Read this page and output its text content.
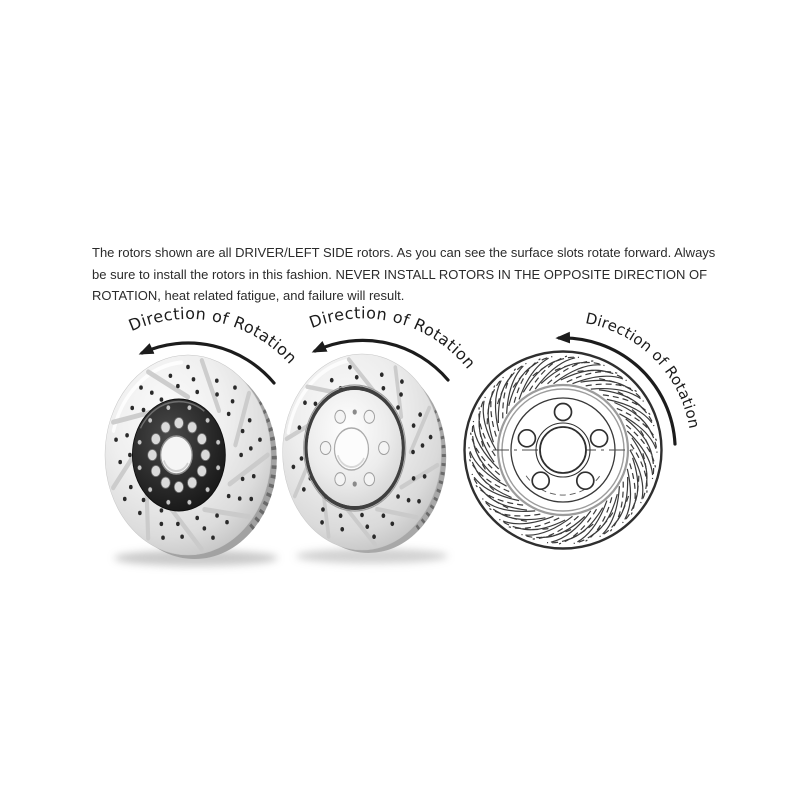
The rotors shown are all DRIVER/LEFT SIDE rotors. As you can see the surface slots rotate forward. Always
be sure to install the rotors in this fashion. NEVER INSTALL ROTORS IN THE OPPOSITE DIRECTION OF
ROTATION, heat related fatigue, and failure will result.

Direction of Rotation
Direction of Rotation
Direction of Rotation
